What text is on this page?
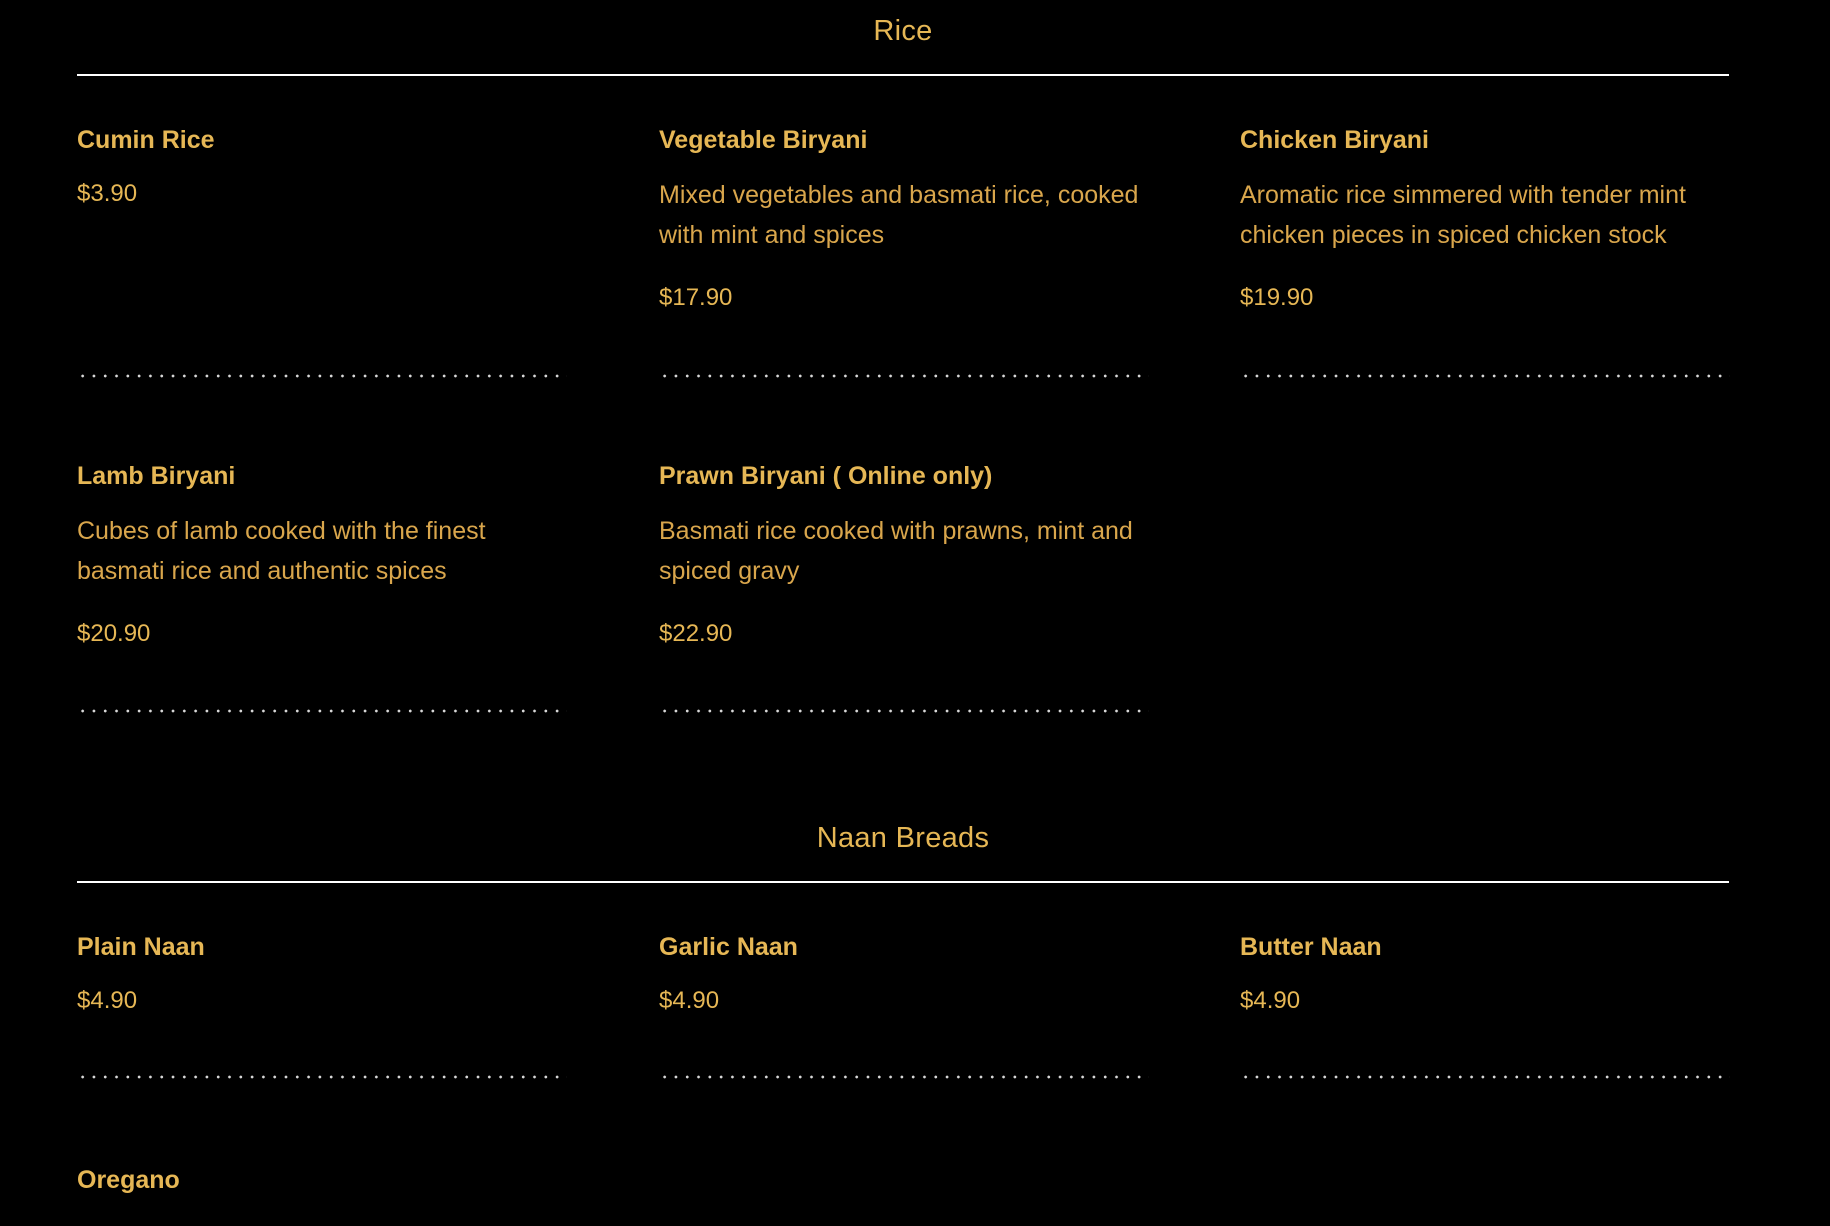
Rice
Cumin Rice
$3.90
Vegetable Biryani
Mixed vegetables and basmati rice, cooked with mint and spices
$17.90
Chicken Biryani
Aromatic rice simmered with tender mint chicken pieces in spiced chicken stock
$19.90
Lamb Biryani
Cubes of lamb cooked with the finest basmati rice and authentic spices
$20.90
Prawn Biryani ( Online only)
Basmati rice cooked with prawns, mint and spiced gravy
$22.90
Naan Breads
Plain Naan
$4.90
Garlic Naan
$4.90
Butter Naan
$4.90
Oregano
